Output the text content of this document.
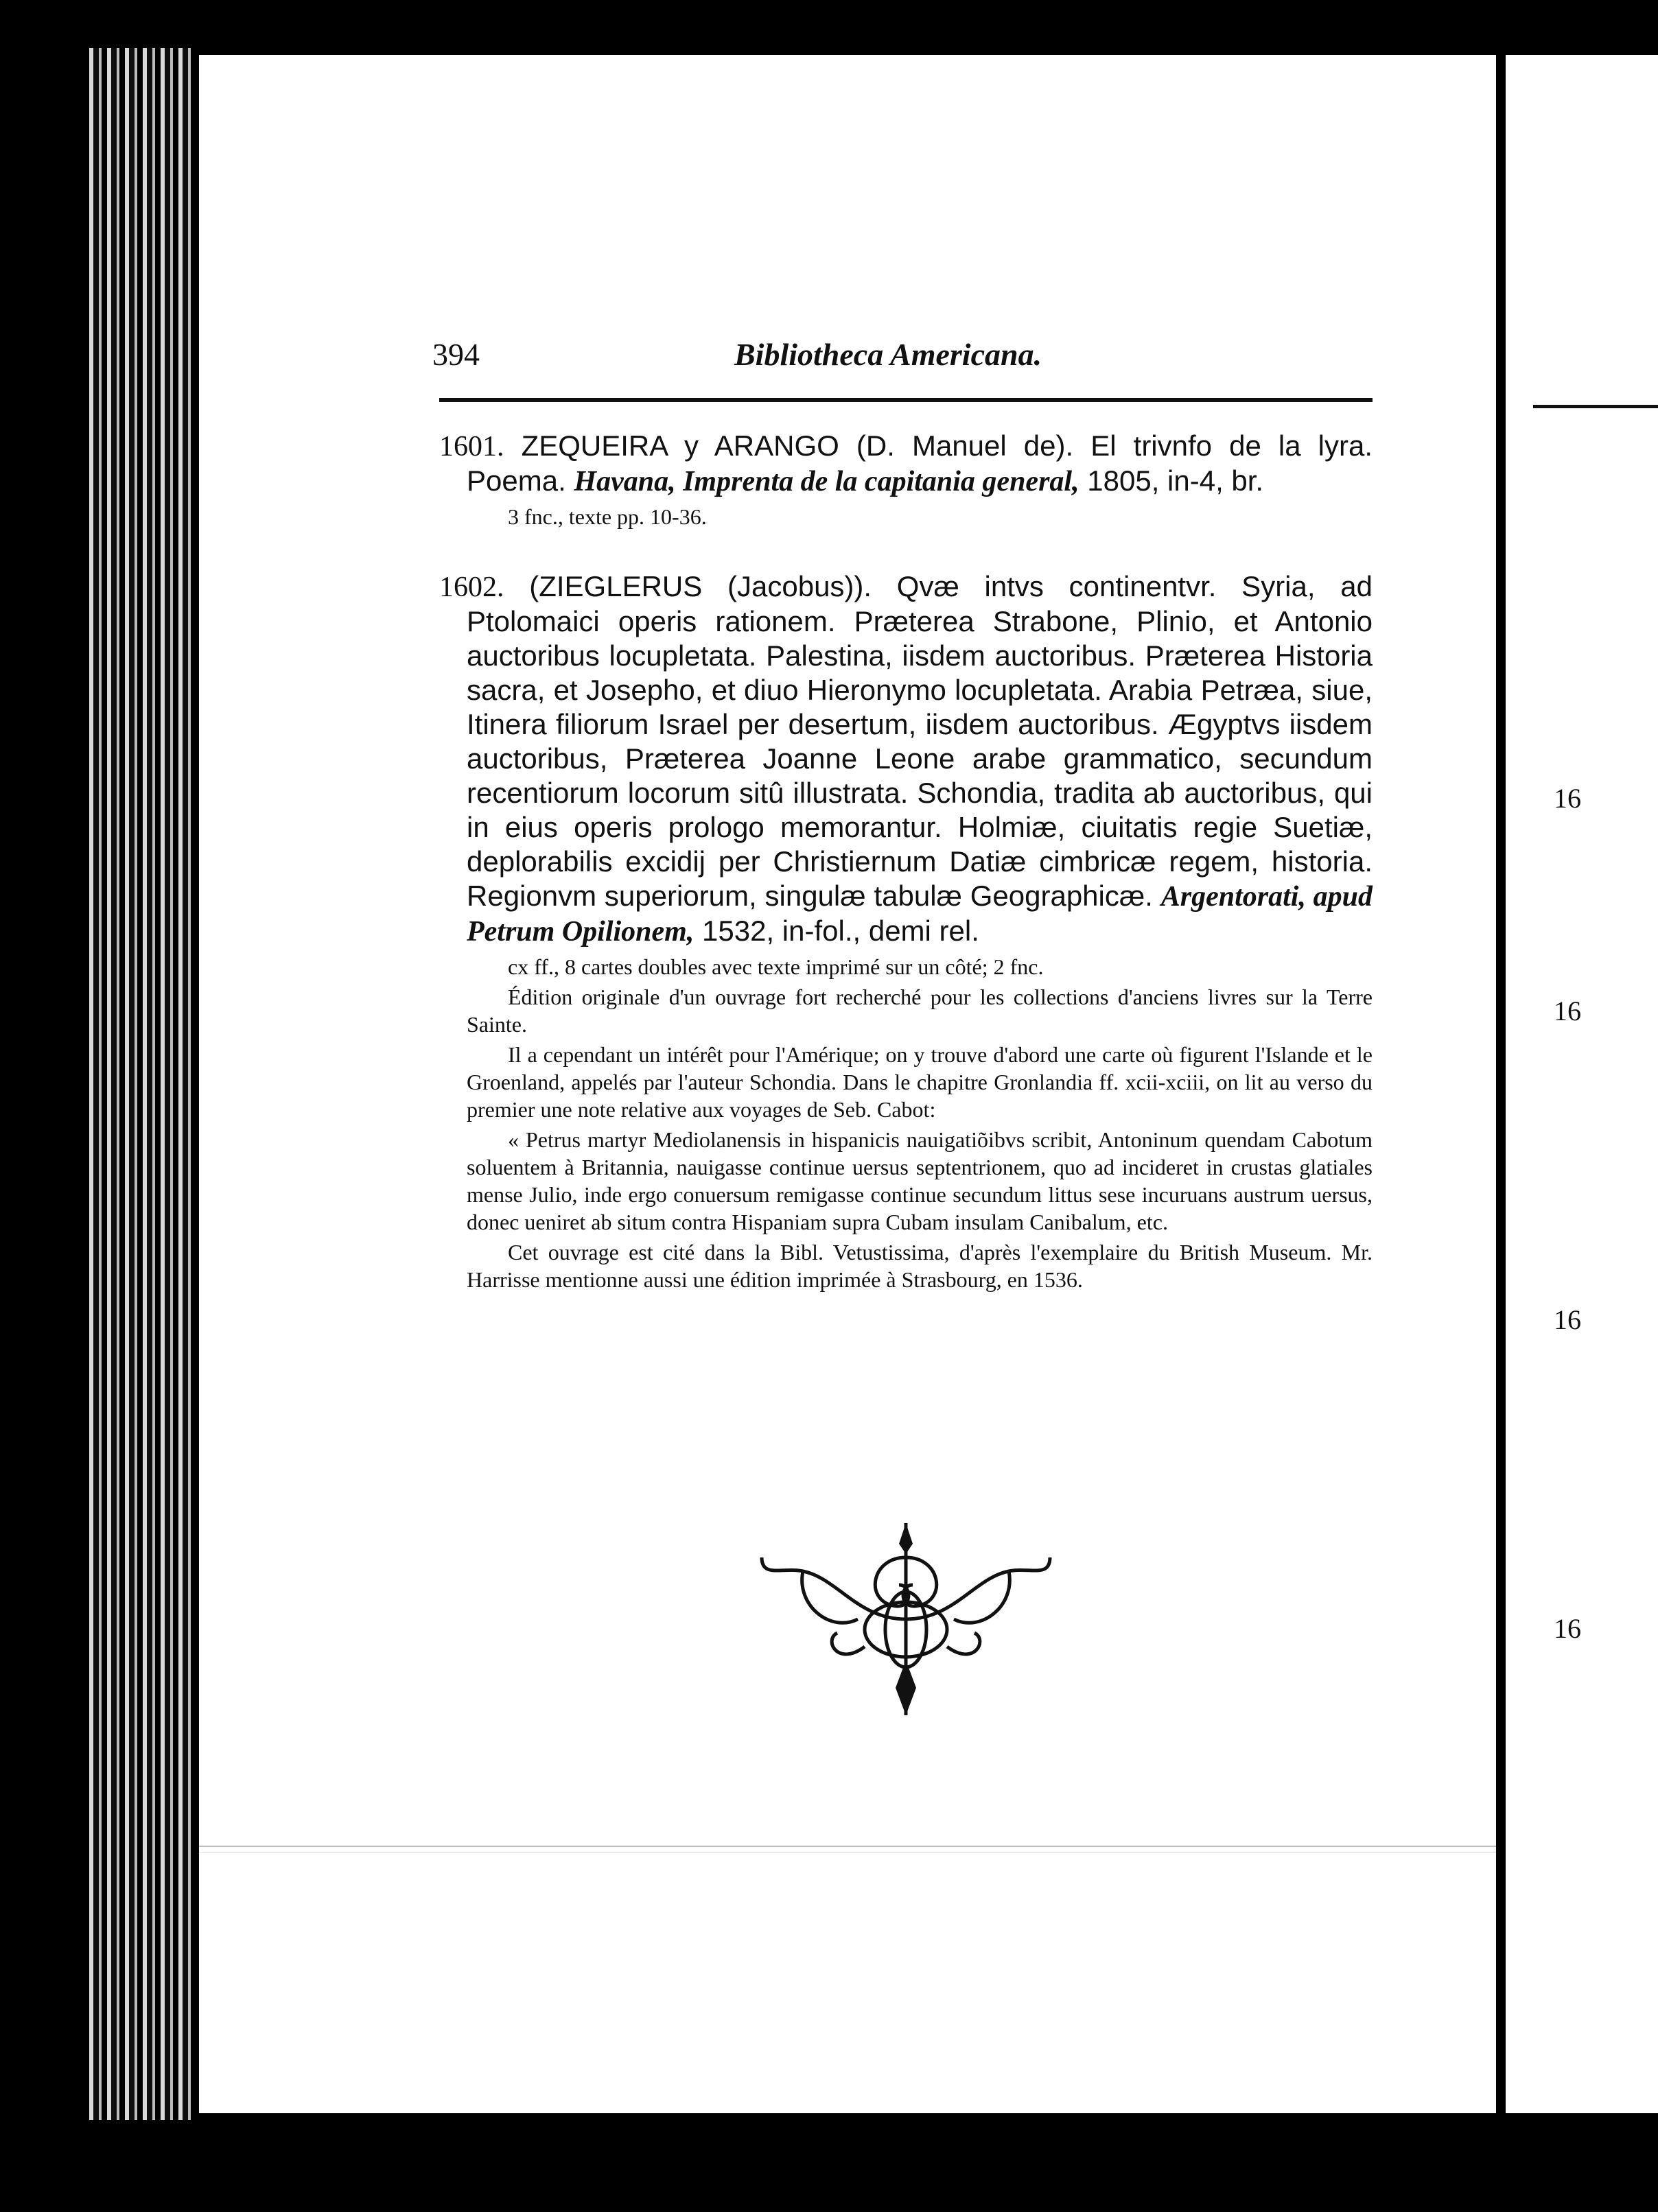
16
16
16
16
394	Bibliotheca Americana.
1601. ZEQUEIRA y ARANGO (D. Manuel de). El trivnfo de la lyra. Poema. Havana, Imprenta de la capitania general, 1805, in-4, br.
3 fnc., texte pp. 10-36.
1602. (ZIEGLERUS (Jacobus)). Qvæ intvs continentvr. Syria, ad Ptolomaici operis rationem. Præterea Strabone, Plinio, et Antonio auctoribus locupletata. Palestina, iisdem auctoribus. Præterea Historia sacra, et Josepho, et diuo Hieronymo locupletata. Arabia Petræa, siue, Itinera filiorum Israel per desertum, iisdem auctoribus. Ægyptvs iisdem auctoribus, Præterea Joanne Leone arabe grammatico, secundum recentiorum locorum sitû illustrata. Schondia, tradita ab auctoribus, qui in eius operis prologo memorantur. Holmiæ, ciuitatis regie Suetiæ, deplorabilis excidij per Christiernum Datiæ cimbricæ regem, historia. Regionvm superiorum, singulæ tabulæ Geographicæ. Argentorati, apud Petrum Opilionem, 1532, in-fol., demi rel.
cx ff., 8 cartes doubles avec texte imprimé sur un côté; 2 fnc.
Édition originale d'un ouvrage fort recherché pour les collections d'anciens livres sur la Terre Sainte.
Il a cependant un intérêt pour l'Amérique; on y trouve d'abord une carte où figurent l'Islande et le Groenland, appelés par l'auteur Schondia. Dans le chapitre Gronlandia ff. xcii-xciii, on lit au verso du premier une note relative aux voyages de Seb. Cabot:
« Petrus martyr Mediolanensis in hispanicis nauigatiõibvs scribit, Antoninum quendam Cabotum soluentem à Britannia, nauigasse continue uersus septentrionem, quo ad incideret in crustas glatiales mense Julio, inde ergo conuersum remigasse continue secundum littus sese incuruans austrum uersus, donec ueniret ab situm contra Hispaniam supra Cubam insulam Canibalum, etc.
Cet ouvrage est cité dans la Bibl. Vetustissima, d'après l'exemplaire du British Museum. Mr. Harrisse mentionne aussi une édition imprimée à Strasbourg, en 1536.
